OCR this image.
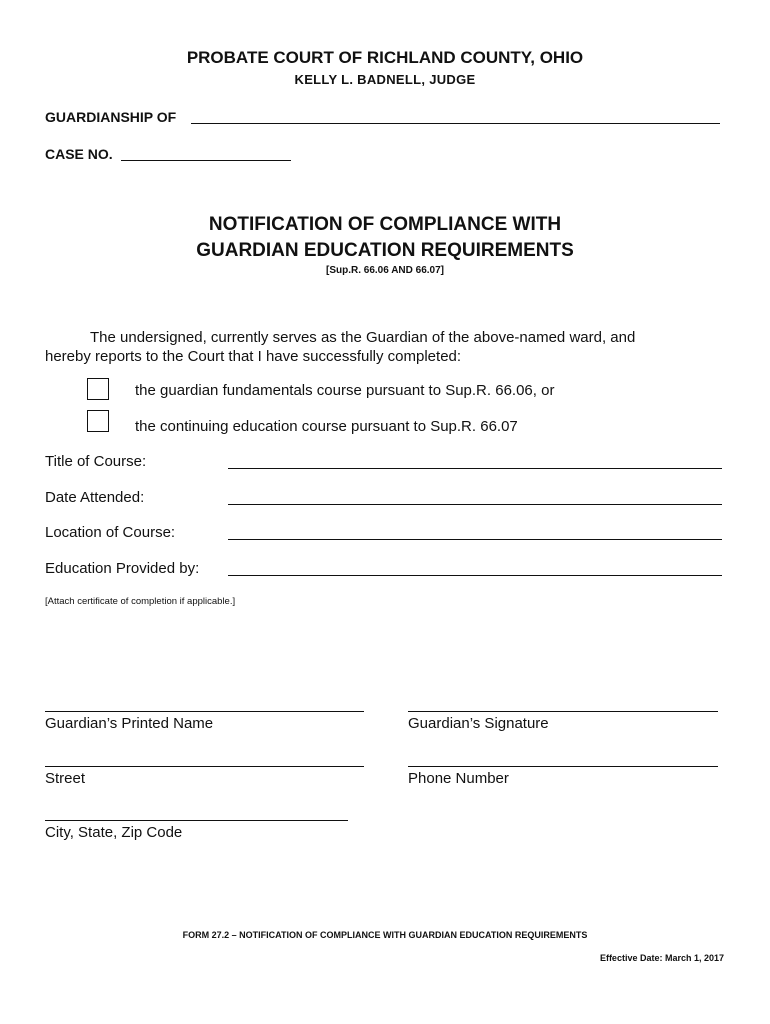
PROBATE COURT OF RICHLAND COUNTY, OHIO
KELLY L. BADNELL, JUDGE
GUARDIANSHIP OF
CASE NO.
NOTIFICATION OF COMPLIANCE WITH
GUARDIAN EDUCATION REQUIREMENTS
[Sup.R. 66.06 AND 66.07]
The undersigned, currently serves as the Guardian of the above-named ward, and
hereby reports to the Court that I have successfully completed:
the guardian fundamentals course pursuant to Sup.R. 66.06, or
the continuing education course pursuant to Sup.R. 66.07
Title of Course:
Date Attended:
Location of Course:
Education Provided by:
[Attach certificate of completion if applicable.]
Guardian’s Printed Name	Guardian’s Signature
Street	Phone Number
City, State, Zip Code
FORM 27.2 – NOTIFICATION OF COMPLIANCE WITH GUARDIAN EDUCATION REQUIREMENTS
Effective Date: March 1, 2017
